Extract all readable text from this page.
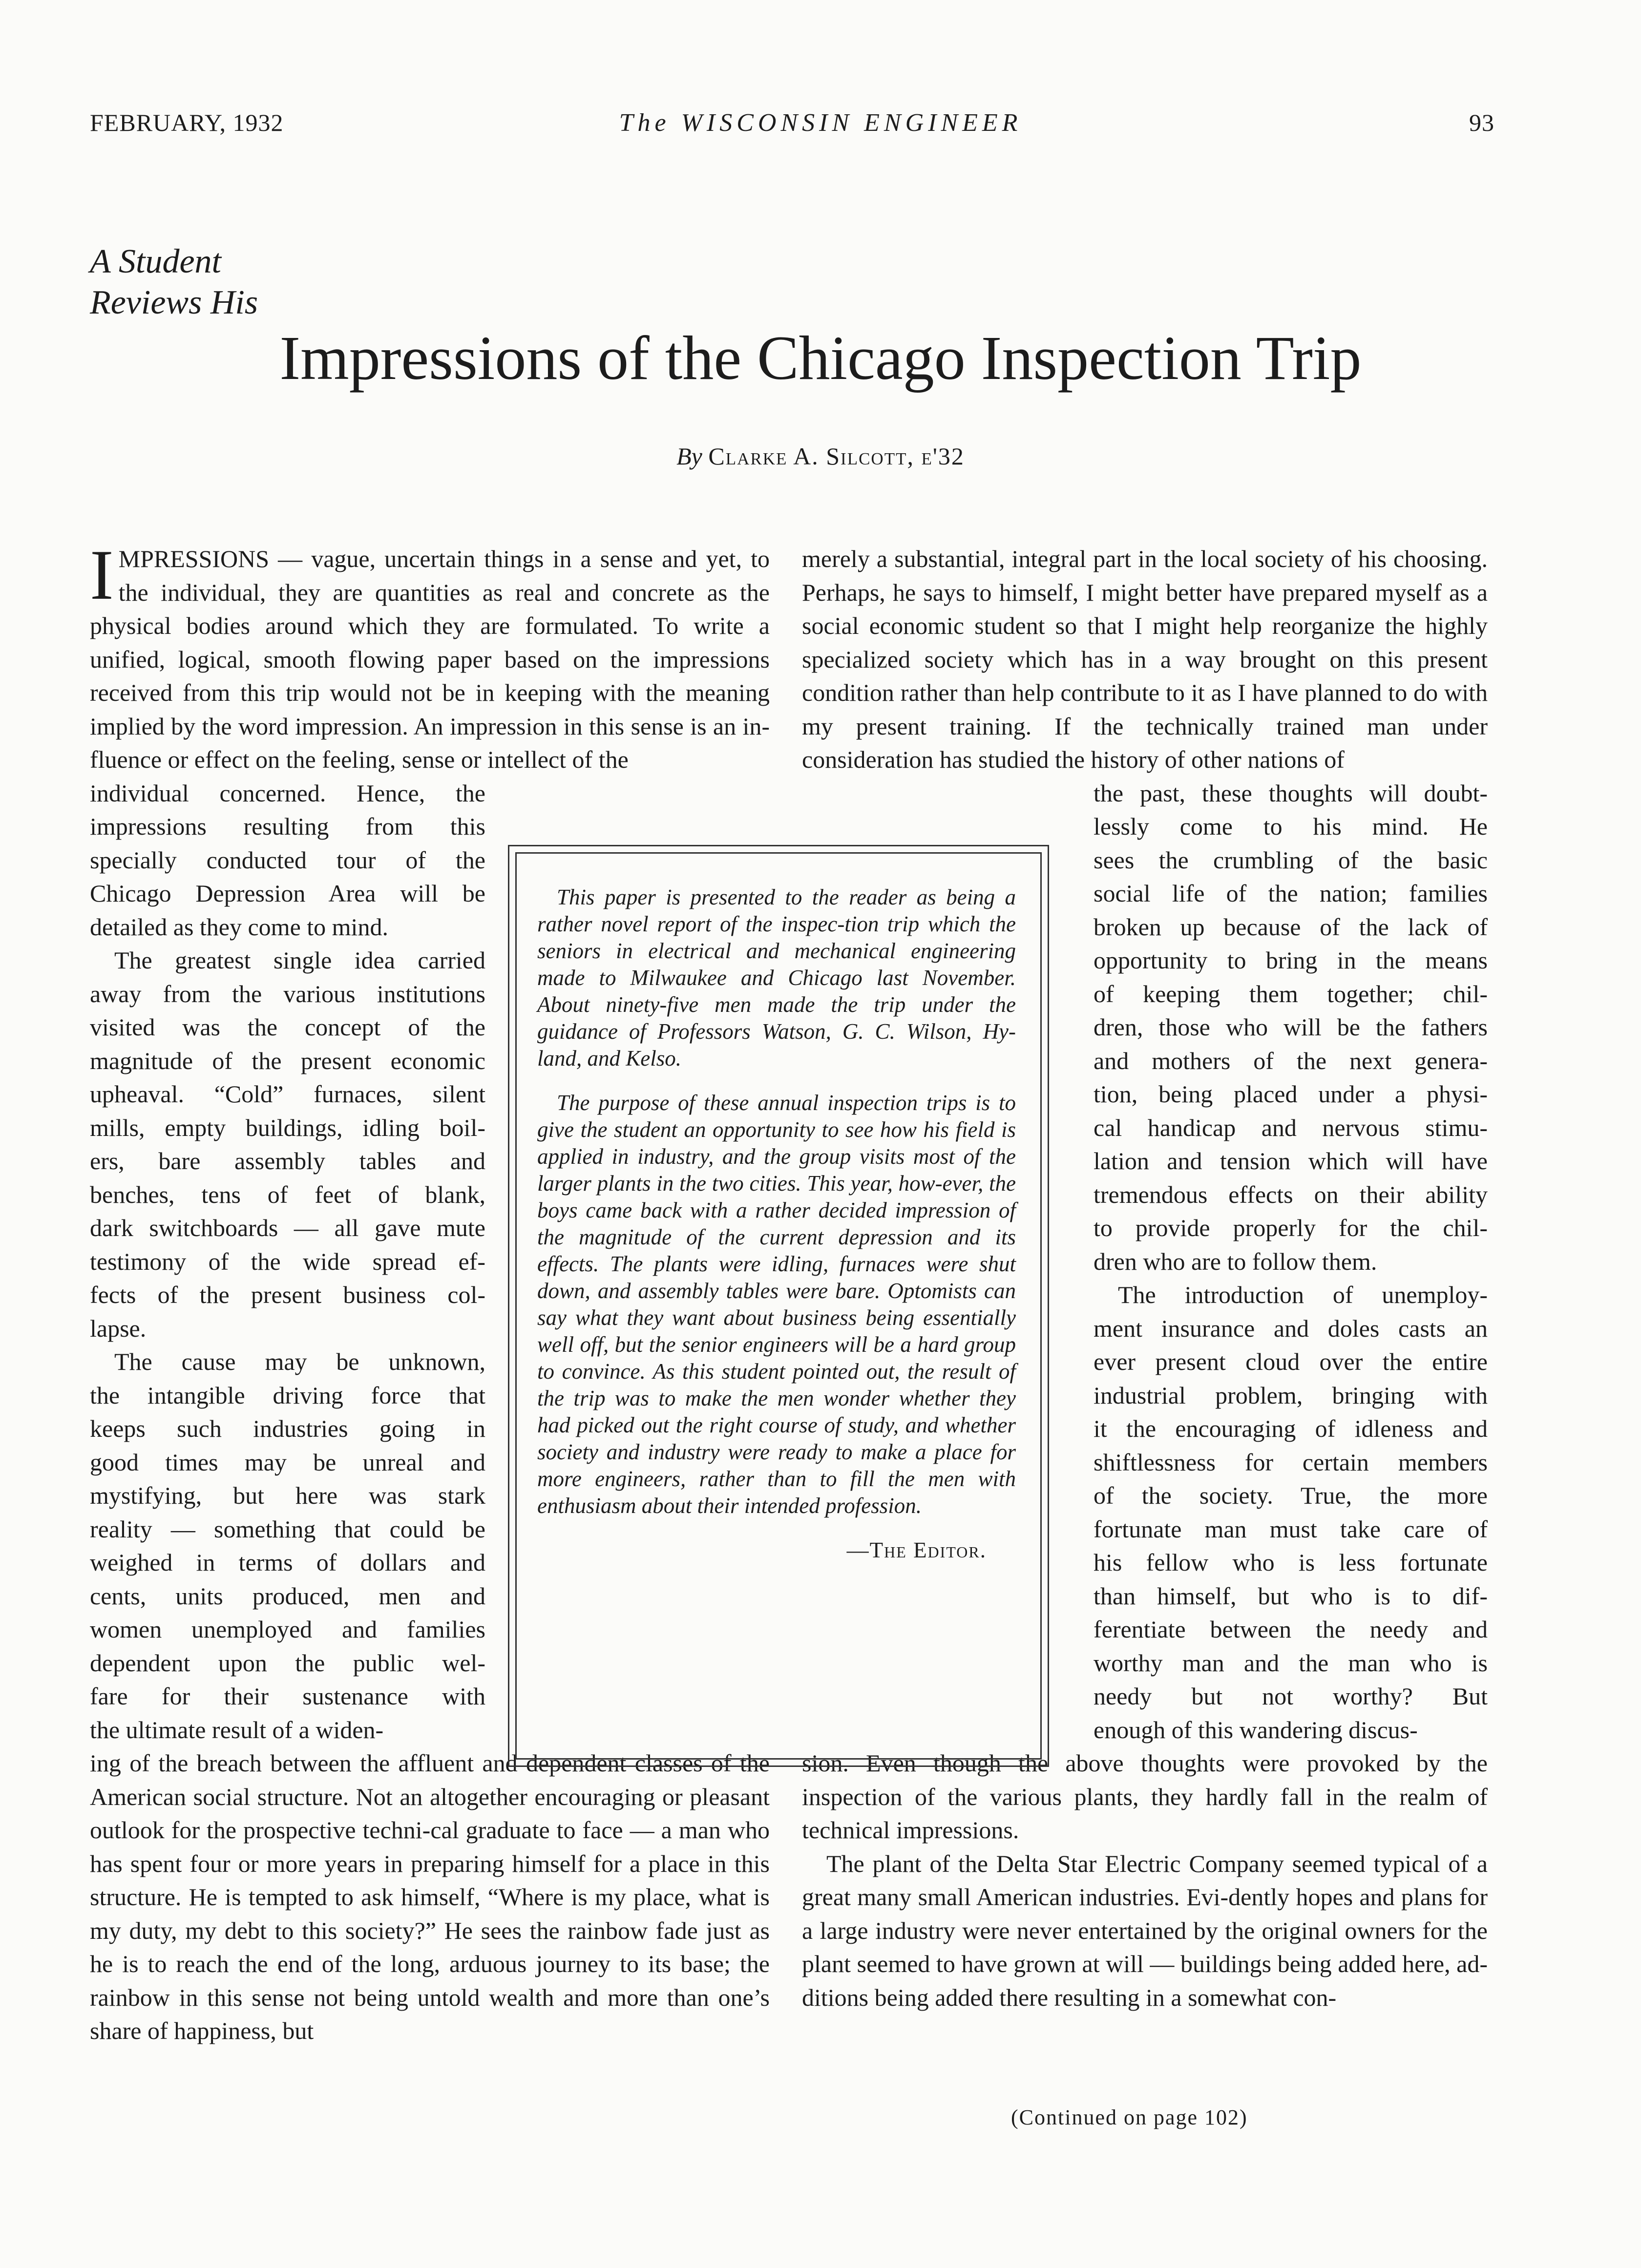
FEBRUARY, 1932	The WISCONSIN ENGINEER	93
A Student
Reviews His
Impressions of the Chicago Inspection Trip
By Clarke A. Silcott, e'32

IMPRESSIONS — vague, uncertain things in a sense and yet, to the individual, they are quantities as real and concrete as the physical bodies around which they are formulated. To write a unified, logical, smooth flowing paper based on the impressions received from this trip would not be in keeping with the meaning implied by the word impression. An impression in this sense is an in-fluence or effect on the feeling, sense or intellect of the

individual concerned. Hence, the
impressions resulting from this
specially conducted tour of the
Chicago Depression Area will be
detailed as they come to mind.
The greatest single idea carried
away from the various institutions
visited was the concept of the
magnitude of the present economic
upheaval. “Cold” furnaces, silent
mills, empty buildings, idling boil-
ers, bare assembly tables and
benches, tens of feet of blank,
dark switchboards — all gave mute
testimony of the wide spread ef-
fects of the present business col-
lapse.
The cause may be unknown,
the intangible driving force that
keeps such industries going in
good times may be unreal and
mystifying, but here was stark
reality — something that could be
weighed in terms of dollars and
cents, units produced, men and
women unemployed and families
dependent upon the public wel-
fare for their sustenance with
the ultimate result of a widen-

ing of the breach between the affluent and dependent classes of the American social structure. Not an altogether encouraging or pleasant outlook for the prospective techni-cal graduate to face — a man who has spent four or more years in preparing himself for a place in this structure. He is tempted to ask himself, “Where is my place, what is my duty, my debt to this society?” He sees the rainbow fade just as he is to reach the end of the long, arduous journey to its base; the rainbow in this sense not being untold wealth and more than one’s share of happiness, but

merely a substantial, integral part in the local society of his choosing. Perhaps, he says to himself, I might better have prepared myself as a social economic student so that I might help reorganize the highly specialized society which has in a way brought on this present condition rather than help contribute to it as I have planned to do with my present training. If the technically trained man under consideration has studied the history of other nations of

the past, these thoughts will doubt-
lessly come to his mind. He
sees the crumbling of the basic
social life of the nation; families
broken up because of the lack of
opportunity to bring in the means
of keeping them together; chil-
dren, those who will be the fathers
and mothers of the next genera-
tion, being placed under a physi-
cal handicap and nervous stimu-
lation and tension which will have
tremendous effects on their ability
to provide properly for the chil-
dren who are to follow them.
The introduction of unemploy-
ment insurance and doles casts an
ever present cloud over the entire
industrial problem, bringing with
it the encouraging of idleness and
shiftlessness for certain members
of the society. True, the more
fortunate man must take care of
his fellow who is less fortunate
than himself, but who is to dif-
ferentiate between the needy and
worthy man and the man who is
needy but not worthy? But
enough of this wandering discus-

sion. Even though the above thoughts were provoked by the inspection of the various plants, they hardly fall in the realm of technical impressions.

The plant of the Delta Star Electric Company seemed typical of a great many small American industries. Evi-dently hopes and plans for a large industry were never entertained by the original owners for the plant seemed to have grown at will — buildings being added here, ad-ditions being added there resulting in a somewhat con-

This paper is presented to the reader as being a rather novel report of the inspec-tion trip which the seniors in electrical and mechanical engineering made to Milwaukee and Chicago last November. About ninety-five men made the trip under the guidance of Professors Watson, G. C. Wilson, Hy-land, and Kelso.

The purpose of these annual inspection trips is to give the student an opportunity to see how his field is applied in industry, and the group visits most of the larger plants in the two cities. This year, how-ever, the boys came back with a rather decided impression of the magnitude of the current depression and its effects. The plants were idling, furnaces were shut down, and assembly tables were bare. Optomists can say what they want about business being essentially well off, but the senior engineers will be a hard group to convince. As this student pointed out, the result of the trip was to make the men wonder whether they had picked out the right course of study, and whether society and industry were ready to make a place for more engineers, rather than to fill the men with enthusiasm about their intended profession.

—The Editor.
(Continued on page 102)
